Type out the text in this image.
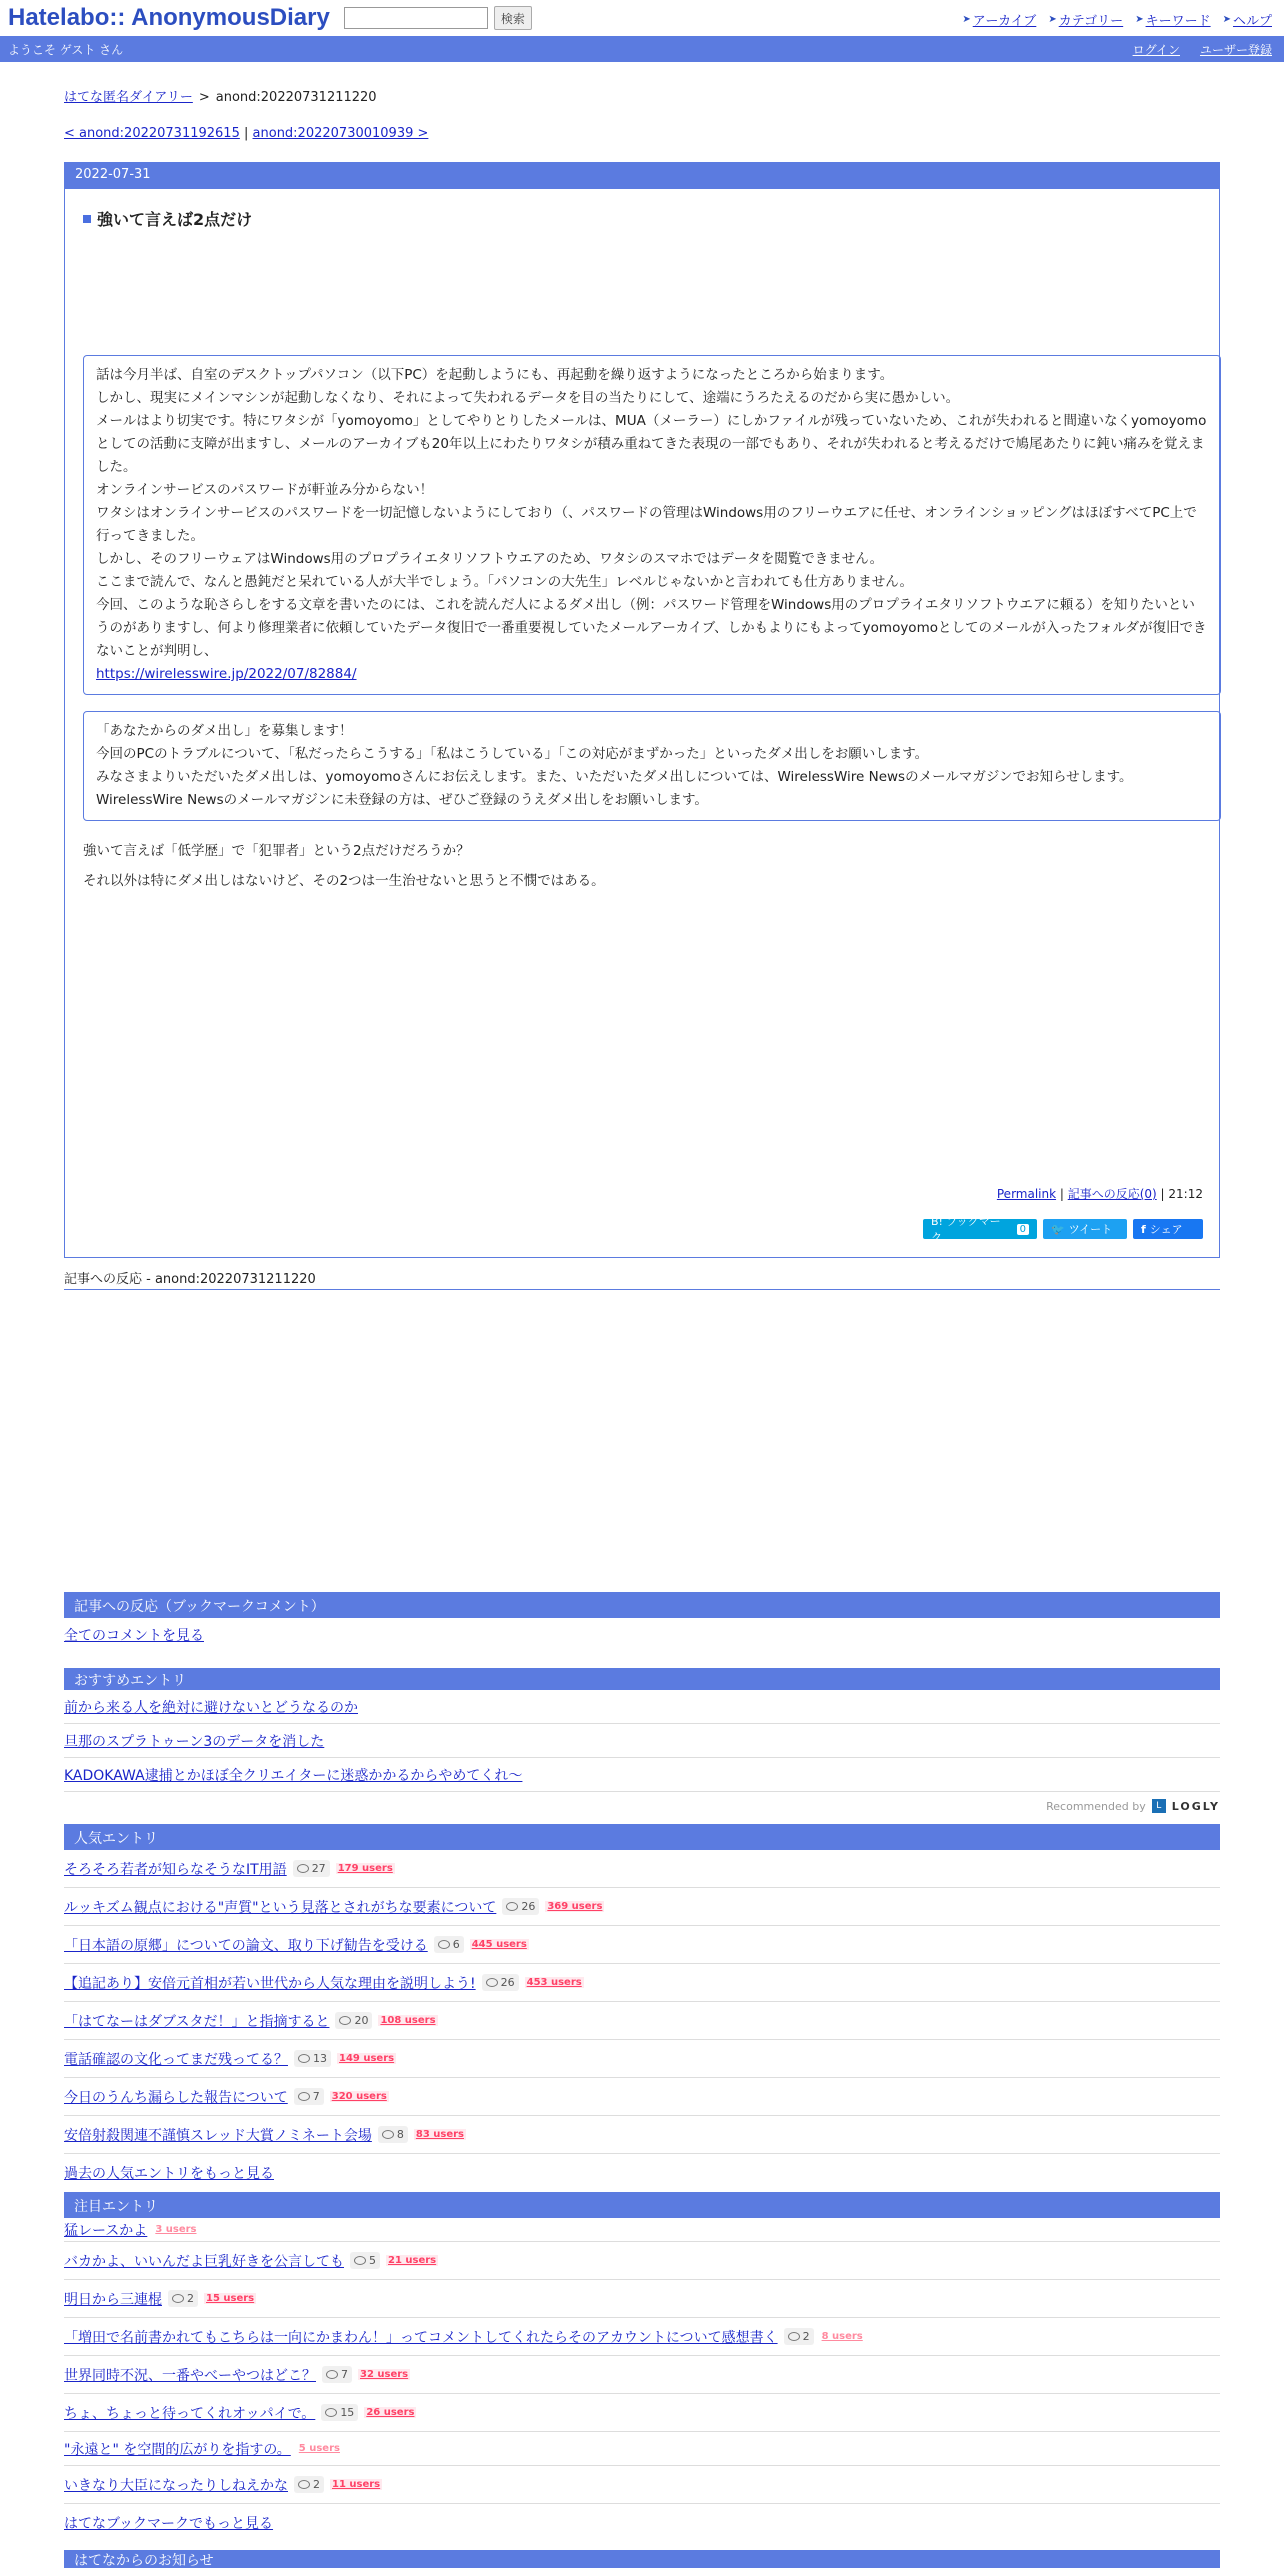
Hatelabo:: AnonymousDiary	検索	➤ アーカイブ ➤ カテゴリー ➤ キーワード ➤ ヘルプ
ようこそ ゲスト さん	ログイン ユーザー登録
はてな匿名ダイアリー > anond:20220731211220
< anond:20220731192615 | anond:20220730010939 >
2022-07-31
強いて言えば2点だけ
話は今月半ば、自室のデスクトップパソコン（以下PC）を起動しようにも、再起動を繰り返すようになったところから始まります。
しかし、現実にメインマシンが起動しなくなり、それによって失われるデータを目の当たりにして、途端にうろたえるのだから実に愚かしい。
メールはより切実です。特にワタシが「yomoyomo」としてやりとりしたメールは、MUA（メーラー）にしかファイルが残っていないため、これが失われると間違いなくyomoyomoとしての活動に支障が出ますし、メールのアーカイブも20年以上にわたりワタシが積み重ねてきた表現の一部でもあり、それが失われると考えるだけで鳩尾あたりに鈍い痛みを覚えました。
オンラインサービスのパスワードが軒並み分からない！
ワタシはオンラインサービスのパスワードを一切記憶しないようにしており（、パスワードの管理はWindows用のフリーウエアに任せ、オンラインショッピングはほぼすべてPC上で行ってきました。
しかし、そのフリーウェアはWindows用のプロプライエタリソフトウエアのため、ワタシのスマホではデータを閲覧できません。
ここまで読んで、なんと愚鈍だと呆れている人が大半でしょう。「パソコンの大先生」レベルじゃないかと言われても仕方ありません。
今回、このような恥さらしをする文章を書いたのには、これを読んだ人によるダメ出し（例：パスワード管理をWindows用のプロプライエタリソフトウエアに頼る）を知りたいというのがありますし、何より修理業者に依頼していたデータ復旧で一番重要視していたメールアーカイブ、しかもよりにもよってyomoyomoとしてのメールが入ったフォルダが復旧できないことが判明し、
https://wirelesswire.jp/2022/07/82884/
「あなたからのダメ出し」を募集します！
今回のPCのトラブルについて、「私だったらこうする」「私はこうしている」「この対応がまずかった」といったダメ出しをお願いします。
みなさまよりいただいたダメ出しは、yomoyomoさんにお伝えします。また、いただいたダメ出しについては、WirelessWire Newsのメールマガジンでお知らせします。WirelessWire Newsのメールマガジンに未登録の方は、ぜひご登録のうえダメ出しをお願いします。
強いて言えば「低学歴」で「犯罪者」という2点だけだろうか？
それ以外は特にダメ出しはないけど、その2つは一生治せないと思うと不憫ではある。
Permalink | 記事への反応(0) | 21:12
B! ブックマーク
0 🐦 ツイート	f シェア
記事への反応 - anond:20220731211220
記事への反応（ブックマークコメント）
全てのコメントを見る
おすすめエントリ
前から来る人を絶対に避けないとどうなるのか
旦那のスプラトゥーン3のデータを消した
KADOKAWA逮捕とかほぼ全クリエイターに迷惑かかるからやめてくれ〜
Recommended by	L LOGLY
人気エントリ
そろそろ若者が知らなそうなIT用語 27 179 users
ルッキズム観点における"声質"という見落とされがちな要素について 26 369 users
「日本語の原郷」についての論文、取り下げ勧告を受ける 6 445 users
【追記あり】安倍元首相が若い世代から人気な理由を説明しよう! 26 453 users
「はてなーはダブスタだ！」と指摘すると 20 108 users
電話確認の文化ってまだ残ってる？ 13 149 users
今日のうんち漏らした報告について 7 320 users
安倍射殺関連不謹慎スレッド大賞ノミネート会場 8 83 users
過去の人気エントリをもっと見る
注目エントリ
猛レースかよ 3 users
バカかよ、いいんだよ巨乳好きを公言しても 5 21 users
明日から三連棍 2 15 users
「増田で名前書かれてもこちらは一向にかまわん！」ってコメントしてくれたらそのアカウントについて感想書く 2 8 users
世界同時不況、一番やべーやつはどこ？ 7 32 users
ちょ、ちょっと待ってくれオッパイで。 15 26 users
"永遠と" を空間的広がりを指すの。 5 users
いきなり大臣になったりしねえかな 2 11 users
はてなブックマークでもっと見る
はてなからのお知らせ
